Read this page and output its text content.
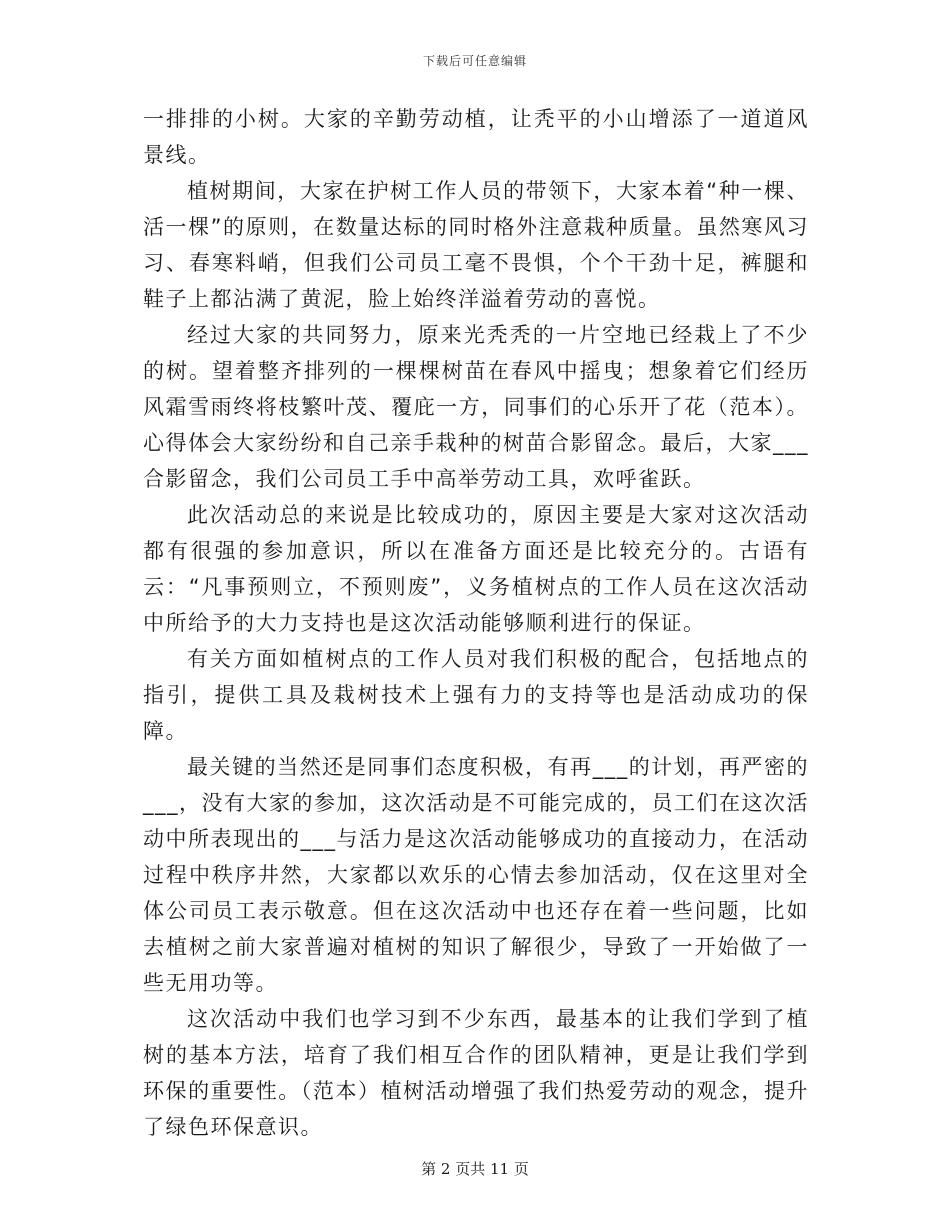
下载后可任意编辑

一排排的小树。大家的辛勤劳动植，让秃平的小山增添了一道道风景线。

植树期间，大家在护树工作人员的带领下，大家本着“种一棵、活一棵”的原则，在数量达标的同时格外注意栽种质量。虽然寒风习习、春寒料峭，但我们公司员工毫不畏惧，个个干劲十足，裤腿和鞋子上都沾满了黄泥，脸上始终洋溢着劳动的喜悦。

经过大家的共同努力，原来光秃秃的一片空地已经栽上了不少的树。望着整齐排列的一棵棵树苗在春风中摇曳；想象着它们经历风霜雪雨终将枝繁叶茂、覆庇一方，同事们的心乐开了花（范本）。心得体会大家纷纷和自己亲手栽种的树苗合影留念。最后，大家___合影留念，我们公司员工手中高举劳动工具，欢呼雀跃。

此次活动总的来说是比较成功的，原因主要是大家对这次活动都有很强的参加意识，所以在准备方面还是比较充分的。古语有云：“凡事预则立，不预则废”，义务植树点的工作人员在这次活动中所给予的大力支持也是这次活动能够顺利进行的保证。

有关方面如植树点的工作人员对我们积极的配合，包括地点的指引，提供工具及栽树技术上强有力的支持等也是活动成功的保障。

最关键的当然还是同事们态度积极，有再___的计划，再严密的___，没有大家的参加，这次活动是不可能完成的，员工们在这次活动中所表现出的___与活力是这次活动能够成功的直接动力，在活动过程中秩序井然，大家都以欢乐的心情去参加活动，仅在这里对全体公司员工表示敬意。但在这次活动中也还存在着一些问题，比如去植树之前大家普遍对植树的知识了解很少，导致了一开始做了一些无用功等。

这次活动中我们也学习到不少东西，最基本的让我们学到了植树的基本方法，培育了我们相互合作的团队精神，更是让我们学到环保的重要性。（范本）植树活动增强了我们热爱劳动的观念，提升了绿色环保意识。

第 2 页共 11 页
